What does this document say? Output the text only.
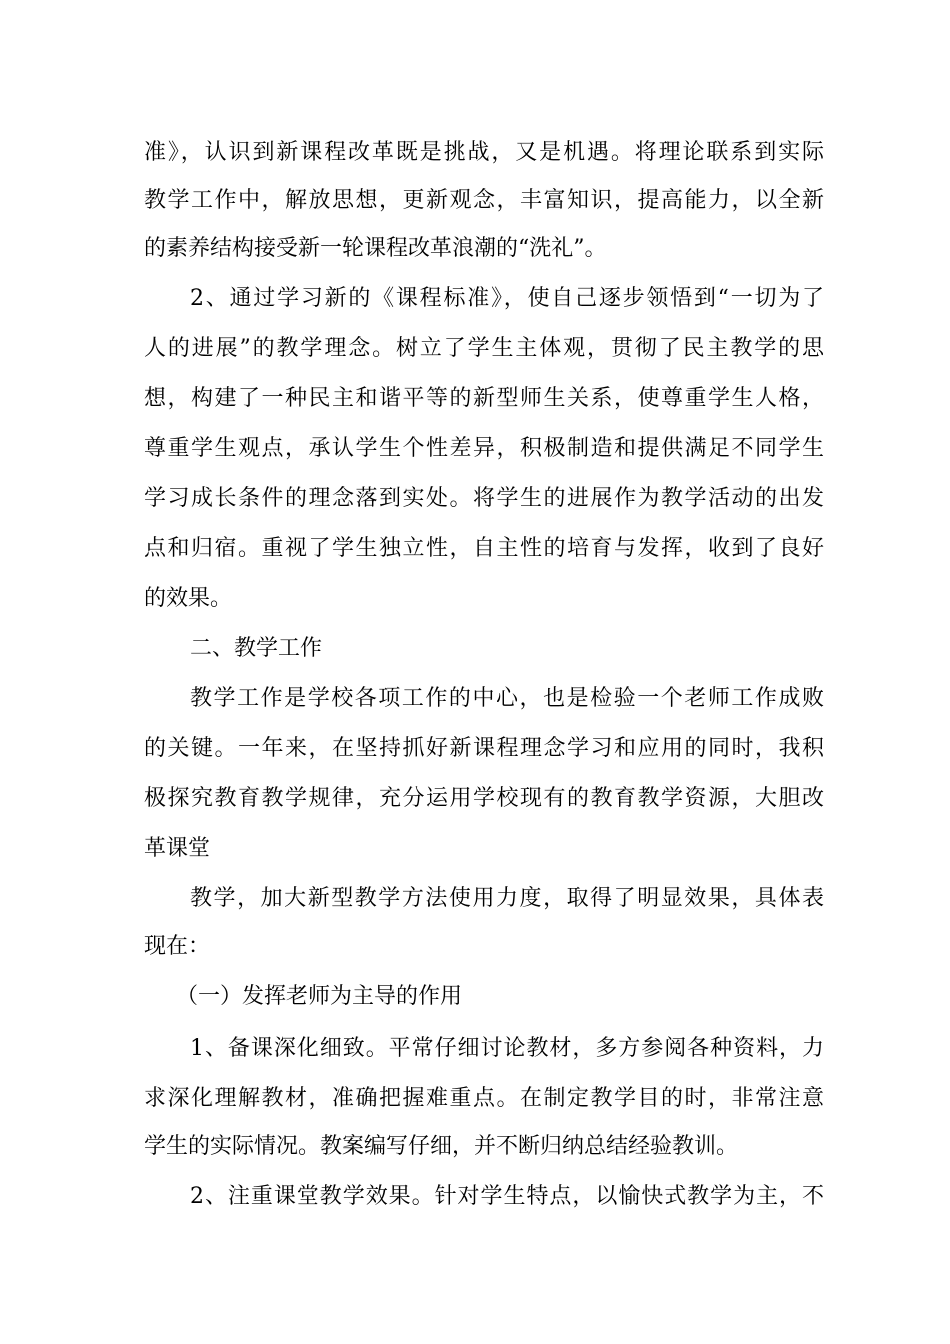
准》，认识到新课程改革既是挑战，又是机遇。将理论联系到实际
教学工作中，解放思想，更新观念，丰富知识，提高能力，以全新
的素养结构接受新一轮课程改革浪潮的“洗礼”。
2、通过学习新的《课程标准》，使自己逐步领悟到“一切为了
人的进展”的教学理念。树立了学生主体观，贯彻了民主教学的思
想，构建了一种民主和谐平等的新型师生关系，使尊重学生人格，
尊重学生观点，承认学生个性差异，积极制造和提供满足不同学生
学习成长条件的理念落到实处。将学生的进展作为教学活动的出发
点和归宿。重视了学生独立性，自主性的培育与发挥，收到了良好
的效果。
二、教学工作
教学工作是学校各项工作的中心，也是检验一个老师工作成败
的关键。一年来，在坚持抓好新课程理念学习和应用的同时，我积
极探究教育教学规律，充分运用学校现有的教育教学资源，大胆改
革课堂
教学，加大新型教学方法使用力度，取得了明显效果，具体表
现在：
（一）发挥老师为主导的作用
1、备课深化细致。平常仔细讨论教材，多方参阅各种资料，力
求深化理解教材，准确把握难重点。在制定教学目的时，非常注意
学生的实际情况。教案编写仔细，并不断归纳总结经验教训。
2、注重课堂教学效果。针对学生特点，以愉快式教学为主，不
